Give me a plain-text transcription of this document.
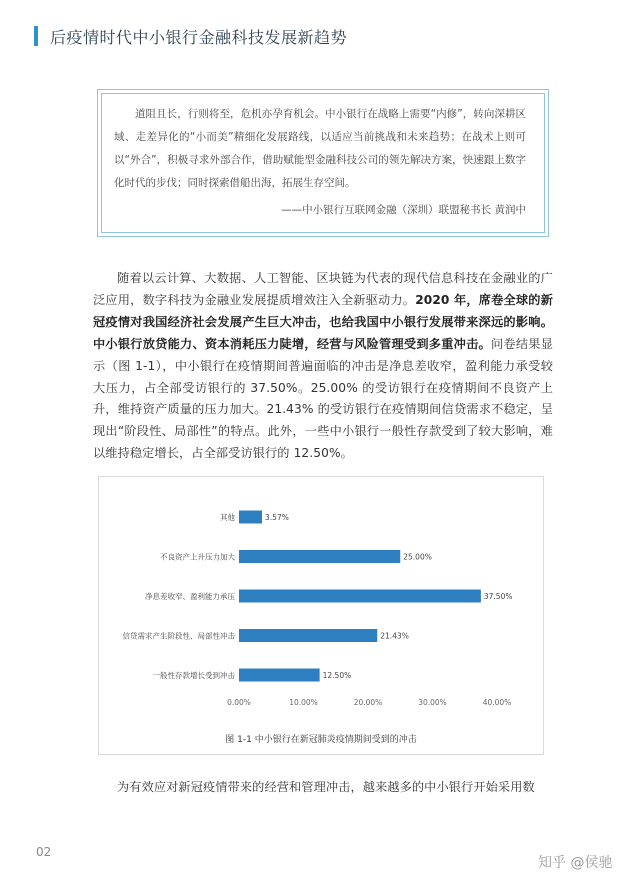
后疫情时代中小银行金融科技发展新趋势

道阻且长，行则将至，危机亦孕育机会。中小银行在战略上需要“内修”，转向深耕区域、走差异化的“小而美”精细化发展路线，以适应当前挑战和未来趋势；在战术上则可以“外合”，积极寻求外部合作，借助赋能型金融科技公司的领先解决方案，快速跟上数字化时代的步伐；同时探索借船出海，拓展生存空间。

——中小银行互联网金融（深圳）联盟秘书长 黄润中

随着以云计算、大数据、人工智能、区块链为代表的现代信息科技在金融业的广泛应用，数字科技为金融业发展提质增效注入全新驱动力。2020 年，席卷全球的新冠疫情对我国经济社会发展产生巨大冲击，也给我国中小银行发展带来深远的影响。中小银行放贷能力、资本消耗压力陡增，经营与风险管理受到多重冲击。问卷结果显示（图 1-1），中小银行在疫情期间普遍面临的冲击是净息差收窄，盈利能力承受较大压力，占全部受访银行的 37.50%。25.00% 的受访银行在疫情期间不良资产上升，维持资产质量的压力加大。21.43% 的受访银行在疫情期间信贷需求不稳定，呈现出“阶段性、局部性”的特点。此外，一些中小银行一般性存款受到了较大影响，难以维持稳定增长，占全部受访银行的 12.50%。

其他	3.57%
不良资产上升压力加大	25.00%
净息差收窄、盈利能力承压	37.50%
信贷需求产生阶段性、局部性冲击	21.43%
一般性存款增长受到冲击	12.50%
0.00%	10.00%	20.00%	30.00%	40.00%
图 1-1 中小银行在新冠肺炎疫情期间受到的冲击

为有效应对新冠疫情带来的经营和管理冲击，越来越多的中小银行开始采用数

02
知乎 @侯驰
